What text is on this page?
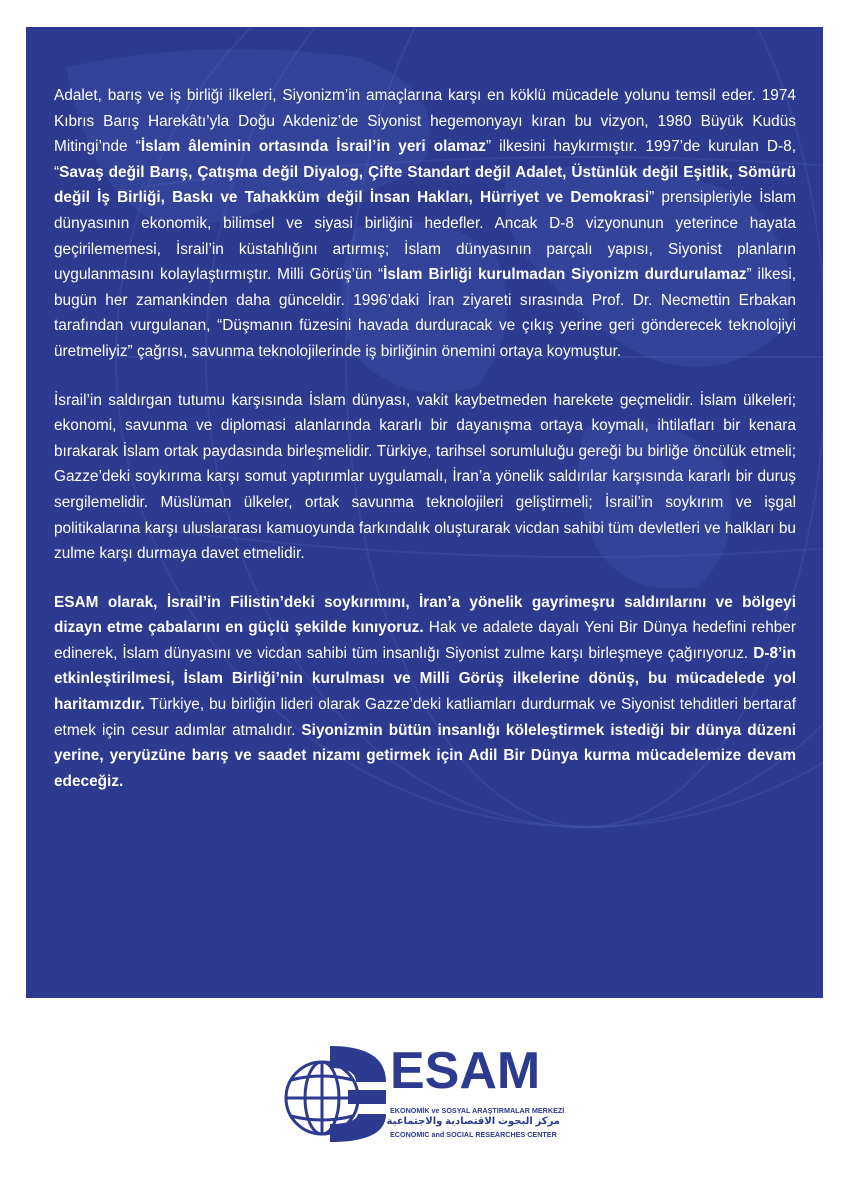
Adalet, barış ve iş birliği ilkeleri, Siyonizm’in amaçlarına karşı en köklü mücadele yolunu temsil eder. 1974 Kıbrıs Barış Harekâtı’yla Doğu Akdeniz’de Siyonist hegemonyayı kıran bu vizyon, 1980 Büyük Kudüs Mitingi’nde “İslam âleminin ortasında İsrail’in yeri olamaz” ilkesini haykırmıştır. 1997’de kurulan D-8, “Savaş değil Barış, Çatışma değil Diyalog, Çifte Standart değil Adalet, Üstünlük değil Eşitlik, Sömürü değil İş Birliği, Baskı ve Tahakküm değil İnsan Hakları, Hürriyet ve Demokrasi” prensipleriyle İslam dünyasının ekonomik, bilimsel ve siyasi birliğini hedefler. Ancak D-8 vizyonunun yeterince hayata geçirilememesi, İsrail’in küstahlığını artırmış; İslam dünyasının parçalı yapısı, Siyonist planların uygulanmasını kolaylaştırmıştır. Milli Görüş’ün “İslam Birliği kurulmadan Siyonizm durdurulamaz” ilkesi, bugün her zamankinden daha günceldir. 1996’daki İran ziyareti sırasında Prof. Dr. Necmettin Erbakan tarafından vurgulanan, “Düşmanın füzesini havada durduracak ve çıkış yerine geri gönderecek teknolojiyi üretmeliyiz” çağrısı, savunma teknolojilerinde iş birliğinin önemini ortaya koymuştur.

İsrail’in saldırgan tutumu karşısında İslam dünyası, vakit kaybetmeden harekete geçmelidir. İslam ülkeleri; ekonomi, savunma ve diplomasi alanlarında kararlı bir dayanışma ortaya koymalı, ihtilafları bir kenara bırakarak İslam ortak paydasında birleşmelidir. Türkiye, tarihsel sorumluluğu gereği bu birliğe öncülük etmeli; Gazze’deki soykırıma karşı somut yaptırımlar uygulamalı, İran’a yönelik saldırılar karşısında kararlı bir duruş sergilemelidir. Müslüman ülkeler, ortak savunma teknolojileri geliştirmeli; İsrail’in soykırım ve işgal politikalarına karşı uluslararası kamuoyunda farkındalık oluşturarak vicdan sahibi tüm devletleri ve halkları bu zulme karşı durmaya davet etmelidir.

ESAM olarak, İsrail’in Filistin’deki soykırımını, İran’a yönelik gayrimeşru saldırılarını ve bölgeyi dizayn etme çabalarını en güçlü şekilde kınıyoruz. Hak ve adalete dayalı Yeni Bir Dünya hedefini rehber edinerek, İslam dünyasını ve vicdan sahibi tüm insanlığı Siyonist zulme karşı birleşmeye çağırıyoruz. D-8’in etkinleştirilmesi, İslam Birliği’nin kurulması ve Milli Görüş ilkelerine dönüş, bu mücadelede yol haritamızdır. Türkiye, bu birliğin lideri olarak Gazze’deki katliamları durdurmak ve Siyonist tehditleri bertaraf etmek için cesur adımlar atmalıdır. Siyonizmin bütün insanlığı köleleştirmek istediği bir dünya düzeni yerine, yeryüzüne barış ve saadet nizamı getirmek için Adil Bir Dünya kurma mücadelemize devam edeceğiz.

ESAM
EKONOMİK ve SOSYAL ARAŞTIRMALAR MERKEZİ
مركز البحوث الاقتصادية والاجتماعية
ECONOMIC and SOCIAL RESEARCHES CENTER
